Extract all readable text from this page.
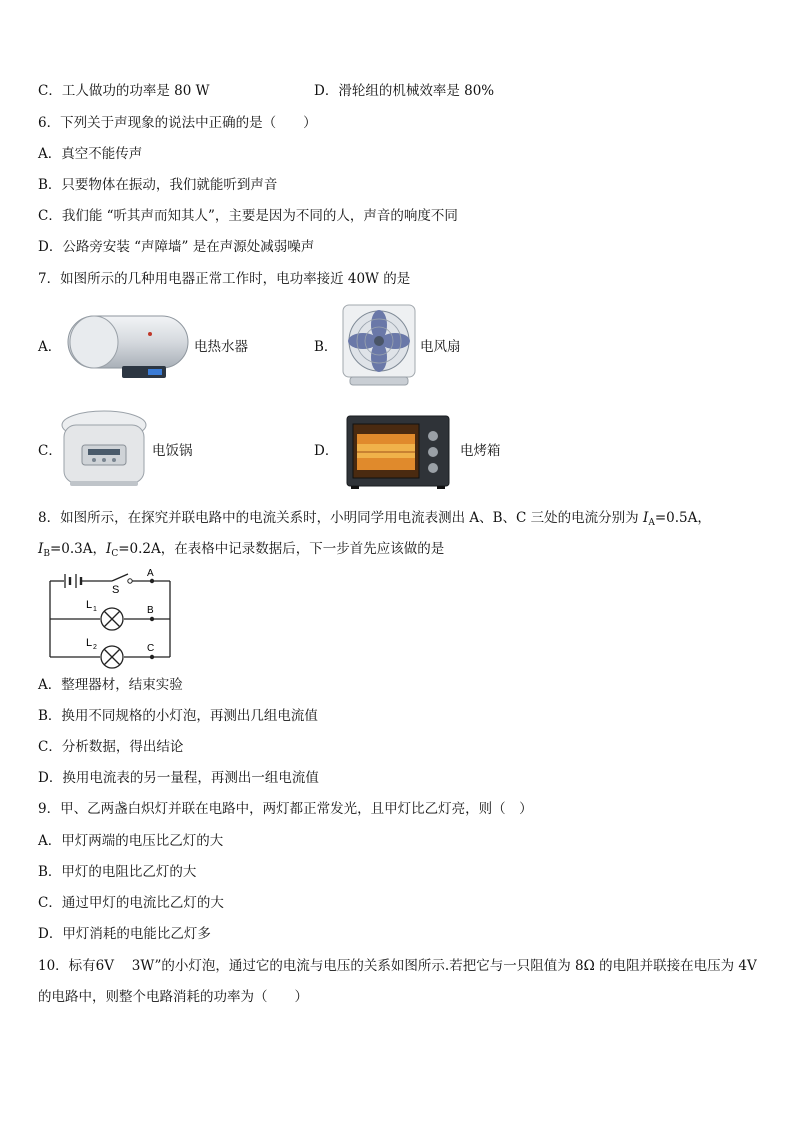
C．工人做功的功率是 80 W	D．滑轮组的机械效率是 80%
6．下列关于声现象的说法中正确的是（　　）
A．真空不能传声
B．只要物体在振动，我们就能听到声音
C．我们能 “听其声而知其人”，主要是因为不同的人，声音的响度不同
D．公路旁安装 “声障墙” 是在声源处减弱噪声
7．如图所示的几种用电器正常工作时，电功率接近 40W 的是
A．	电热水器	B．	电风扇
C．	电饭锅	D．	电烤箱
8．如图所示，在探究并联电路中的电流关系时，小明同学用电流表测出 A、B、C 三处的电流分别为 $I_A=0.5A$，
$I_B=0.3A$，$I_C=0.2A$，在表格中记录数据后，下一步首先应该做的是
S
A
B
C
L 1
L 2
A．整理器材，结束实验
B．换用不同规格的小灯泡，再测出几组电流值
C．分析数据，得出结论
D．换用电流表的另一量程，再测出一组电流值
9．甲、乙两盏白炽灯并联在电路中，两灯都正常发光，且甲灯比乙灯亮，则（　）
A．甲灯两端的电压比乙灯的大
B．甲灯的电阻比乙灯的大
C．通过甲灯的电流比乙灯的大
D．甲灯消耗的电能比乙灯多
10．标有6V　 3W”的小灯泡，通过它的电流与电压的关系如图所示.若把它与一只阻值为 8Ω 的电阻并联接在电压为 4V
的电路中，则整个电路消耗的功率为（　　）
